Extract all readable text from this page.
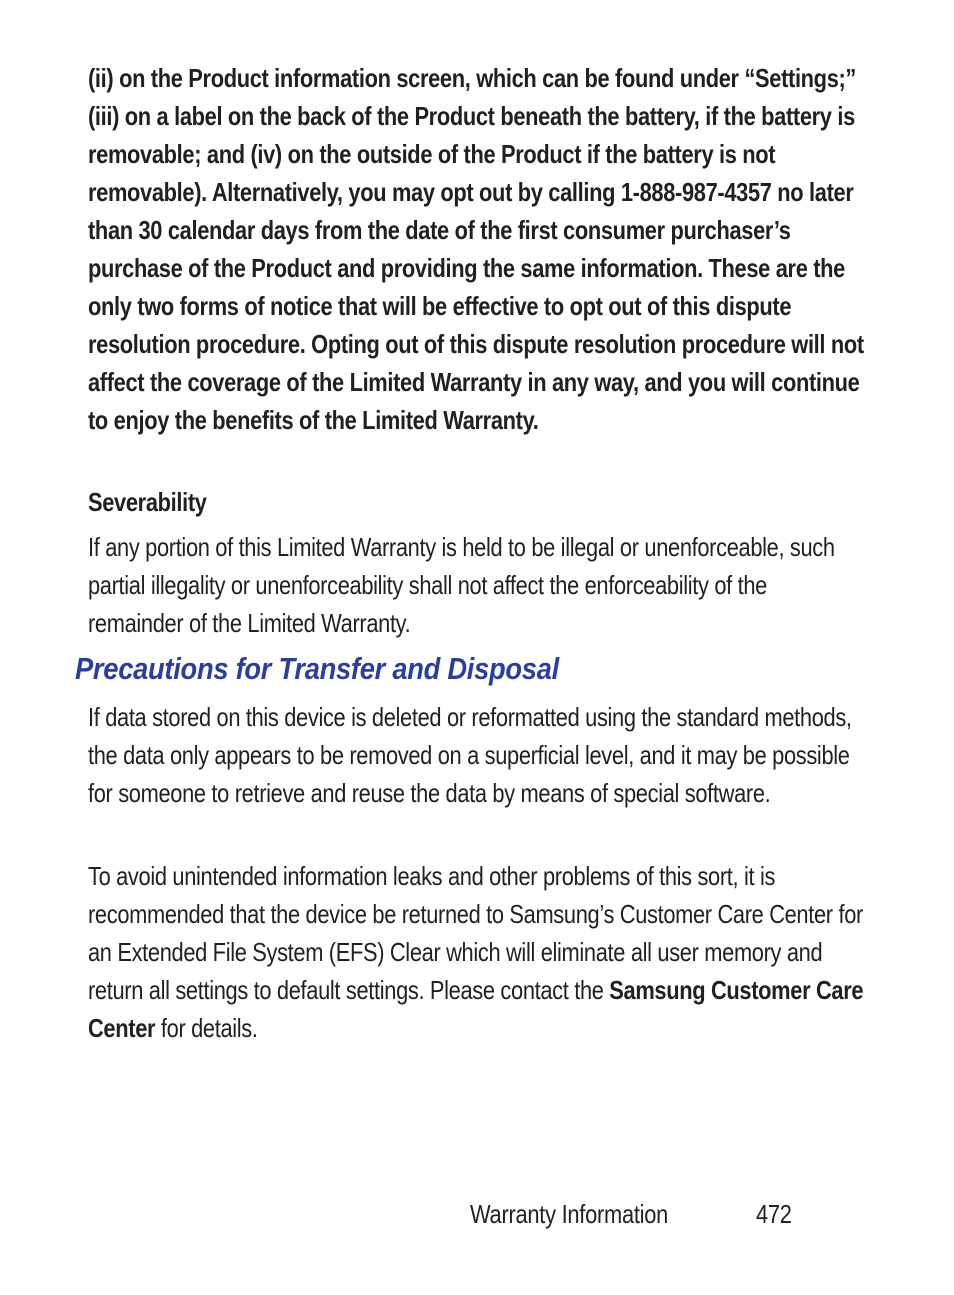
(ii) on the Product information screen, which can be found under “Settings;” (iii) on a label on the back of the Product beneath the battery, if the battery is removable; and (iv) on the outside of the Product if the battery is not removable). Alternatively, you may opt out by calling 1-888-987-4357 no later than 30 calendar days from the date of the first consumer purchaser’s purchase of the Product and providing the same information. These are the only two forms of notice that will be effective to opt out of this dispute resolution procedure. Opting out of this dispute resolution procedure will not affect the coverage of the Limited Warranty in any way, and you will continue to enjoy the benefits of the Limited Warranty.
Severability
If any portion of this Limited Warranty is held to be illegal or unenforceable, such partial illegality or unenforceability shall not affect the enforceability of the remainder of the Limited Warranty.
Precautions for Transfer and Disposal
If data stored on this device is deleted or reformatted using the standard methods, the data only appears to be removed on a superficial level, and it may be possible for someone to retrieve and reuse the data by means of special software.
To avoid unintended information leaks and other problems of this sort, it is recommended that the device be returned to Samsung’s Customer Care Center for an Extended File System (EFS) Clear which will eliminate all user memory and return all settings to default settings. Please contact the Samsung Customer Care Center for details.
Warranty Information	472
